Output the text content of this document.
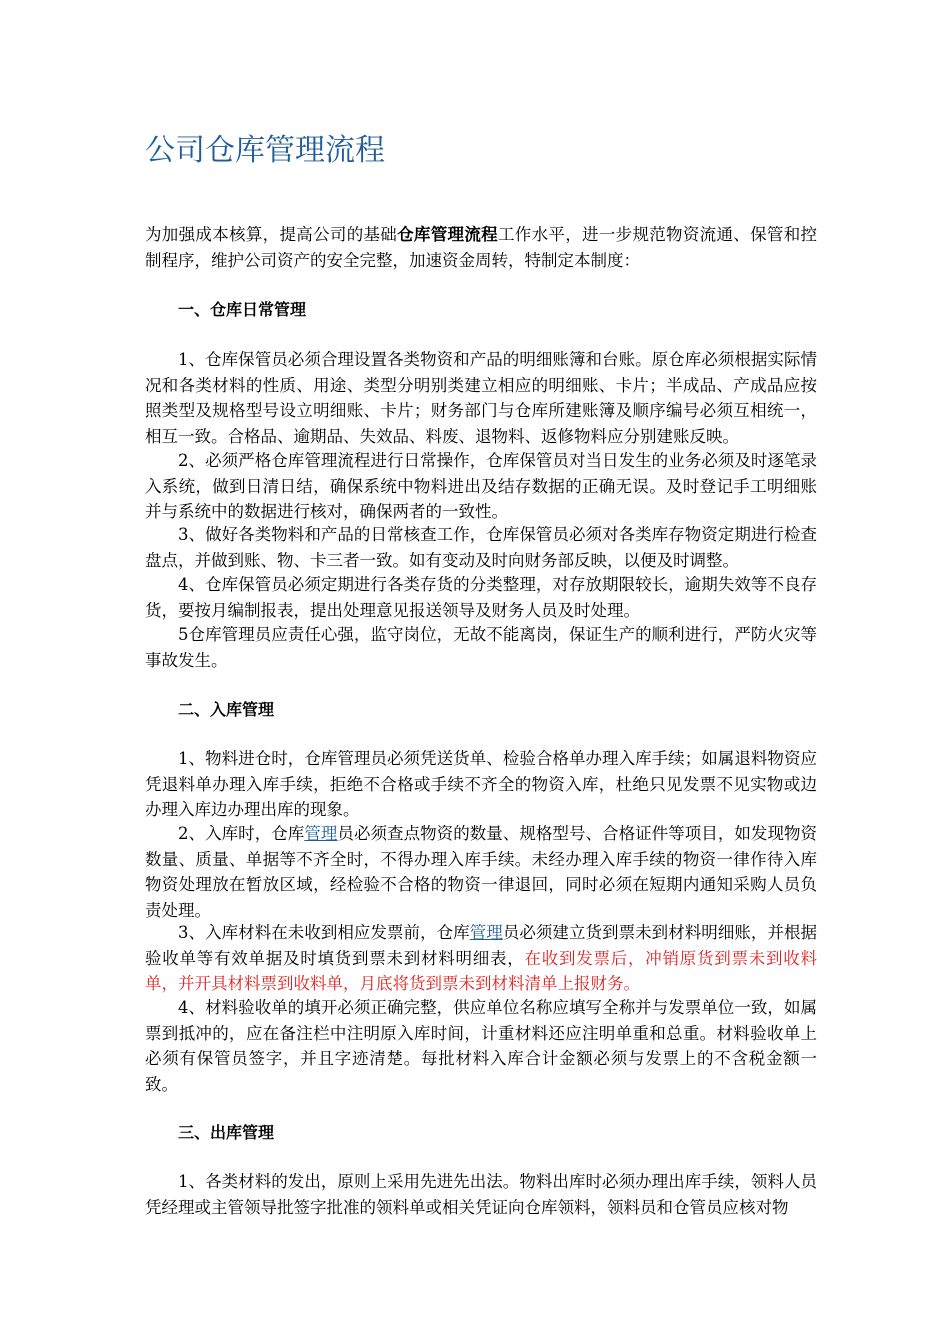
公司仓库管理流程

为加强成本核算，提高公司的基础仓库管理流程工作水平，进一步规范物资流通、保管和控制程序，维护公司资产的安全完整，加速资金周转，特制定本制度：

一、仓库日常管理

1、仓库保管员必须合理设置各类物资和产品的明细账簿和台账。原仓库必须根据实际情况和各类材料的性质、用途、类型分明别类建立相应的明细账、卡片；半成品、产成品应按照类型及规格型号设立明细账、卡片；财务部门与仓库所建账簿及顺序编号必须互相统一，相互一致。合格品、逾期品、失效品、料废、退物料、返修物料应分别建账反映。

2、必须严格仓库管理流程进行日常操作，仓库保管员对当日发生的业务必须及时逐笔录入系统，做到日清日结，确保系统中物料进出及结存数据的正确无误。及时登记手工明细账并与系统中的数据进行核对，确保两者的一致性。

3、做好各类物料和产品的日常核查工作，仓库保管员必须对各类库存物资定期进行检查盘点，并做到账、物、卡三者一致。如有变动及时向财务部反映，以便及时调整。

4、仓库保管员必须定期进行各类存货的分类整理，对存放期限较长，逾期失效等不良存货，要按月编制报表，提出处理意见报送领导及财务人员及时处理。

5仓库管理员应责任心强，监守岗位，无故不能离岗，保证生产的顺利进行，严防火灾等事故发生。

二、入库管理

1、物料进仓时，仓库管理员必须凭送货单、检验合格单办理入库手续；如属退料物资应凭退料单办理入库手续，拒绝不合格或手续不齐全的物资入库，杜绝只见发票不见实物或边办理入库边办理出库的现象。

2、入库时，仓库管理员必须查点物资的数量、规格型号、合格证件等项目，如发现物资数量、质量、单据等不齐全时，不得办理入库手续。未经办理入库手续的物资一律作待入库物资处理放在暂放区域，经检验不合格的物资一律退回，同时必须在短期内通知采购人员负责处理。

3、入库材料在未收到相应发票前，仓库管理员必须建立货到票未到材料明细账，并根据验收单等有效单据及时填货到票未到材料明细表，在收到发票后，冲销原货到票未到收料单，并开具材料票到收料单，月底将货到票未到材料清单上报财务。

4、材料验收单的填开必须正确完整，供应单位名称应填写全称并与发票单位一致，如属票到抵冲的，应在备注栏中注明原入库时间，计重材料还应注明单重和总重。材料验收单上必须有保管员签字，并且字迹清楚。每批材料入库合计金额必须与发票上的不含税金额一致。

三、出库管理

1、各类材料的发出，原则上采用先进先出法。物料出库时必须办理出库手续，领料人员凭经理或主管领导批签字批准的领料单或相关凭证向仓库领料，领料员和仓管员应核对物
